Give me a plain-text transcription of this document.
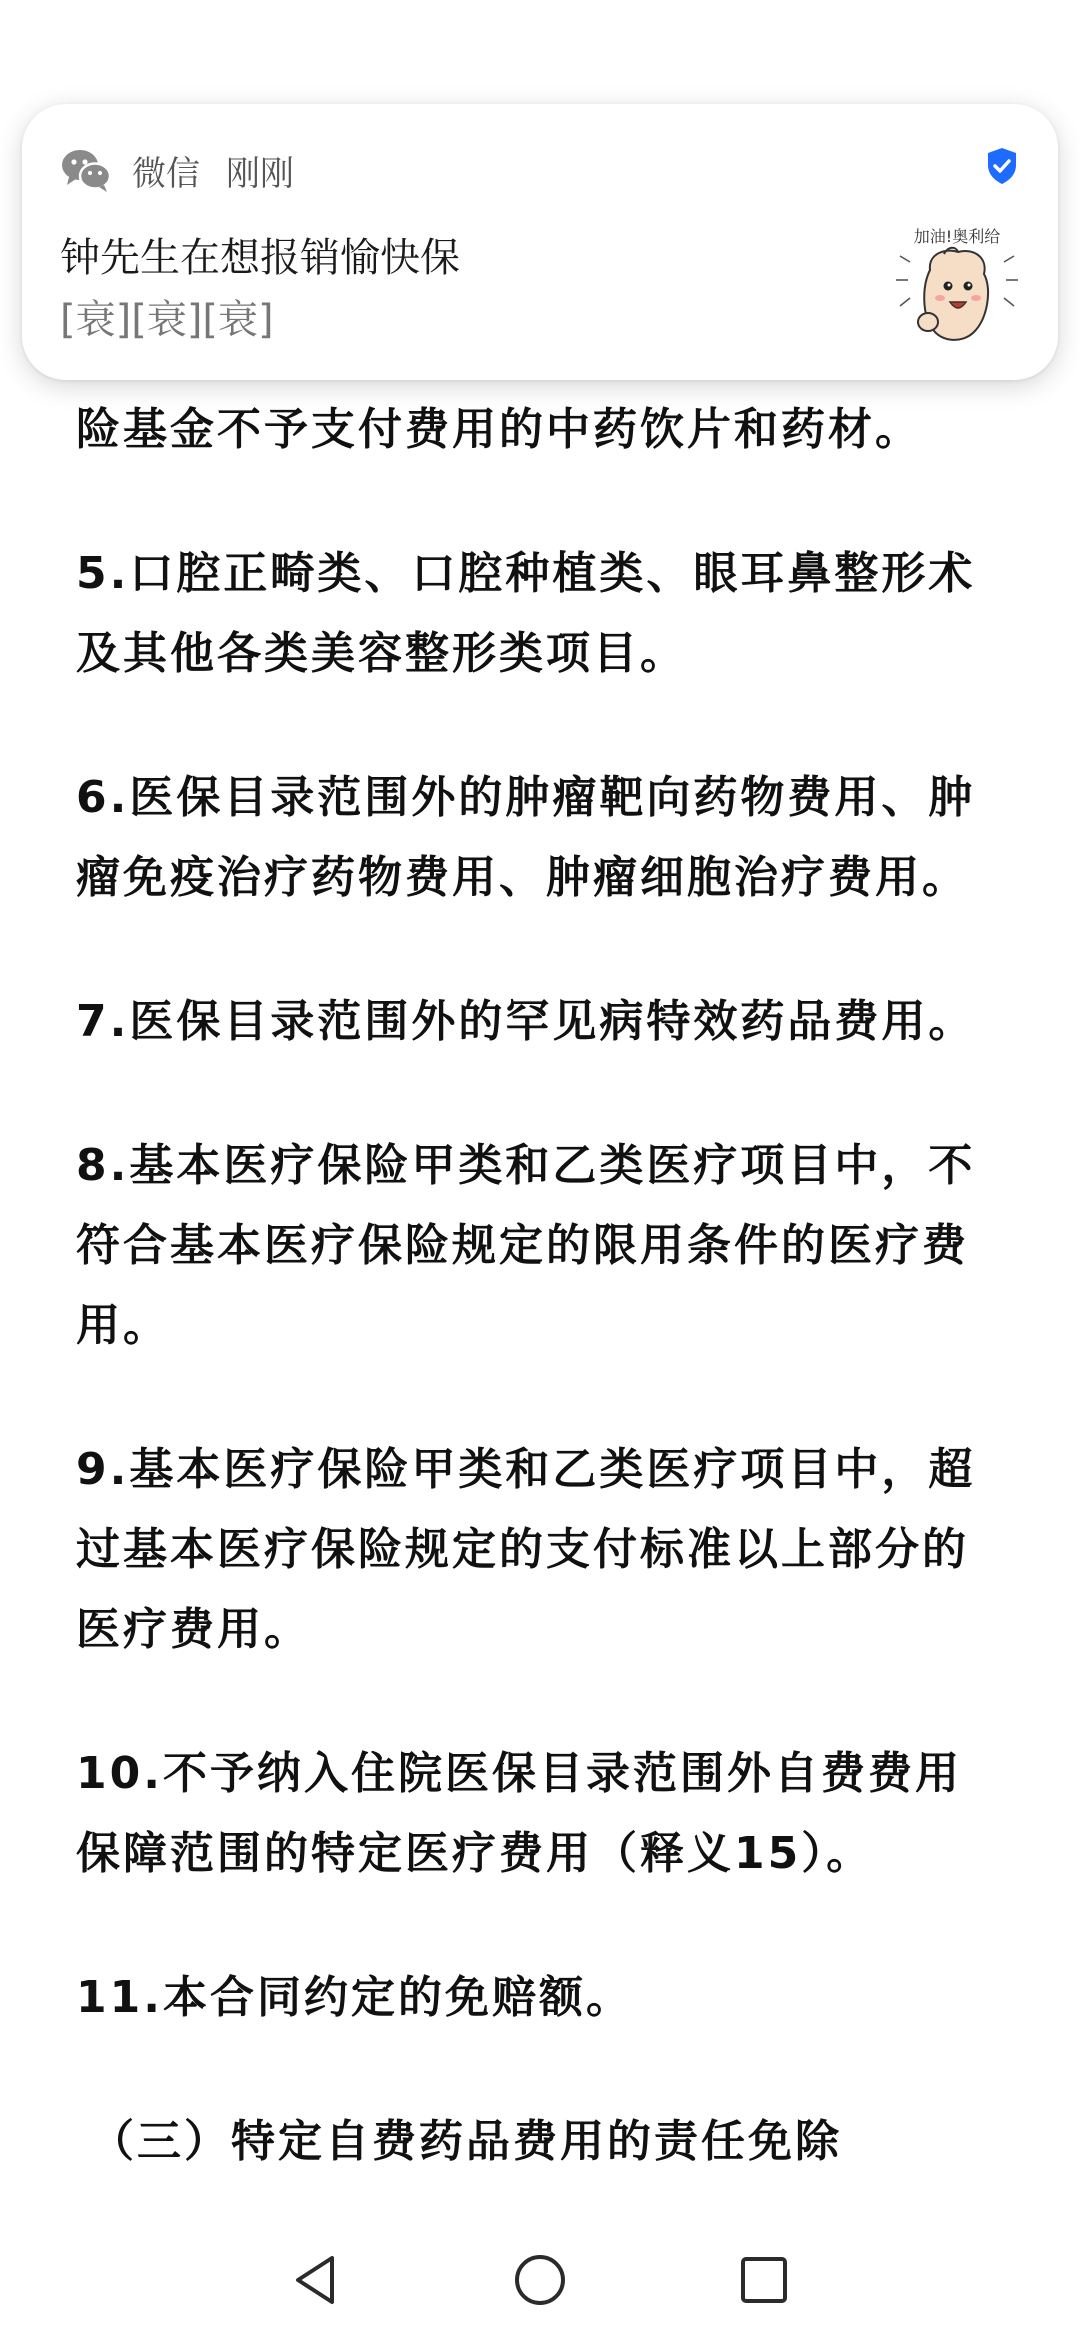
险基金不予支付费用的中药饮片和药材。

5.口腔正畸类、口腔种植类、眼耳鼻整形术
及其他各类美容整形类项目。

6.医保目录范围外的肿瘤靶向药物费用、肿
瘤免疫治疗药物费用、肿瘤细胞治疗费用。

7.医保目录范围外的罕见病特效药品费用。

8.基本医疗保险甲类和乙类医疗项目中，不
符合基本医疗保险规定的限用条件的医疗费
用。

9.基本医疗保险甲类和乙类医疗项目中，超
过基本医疗保险规定的支付标准以上部分的
医疗费用。

10.不予纳入住院医保目录范围外自费费用
保障范围的特定医疗费用（释义15）。

11.本合同约定的免赔额。

（三）特定自费药品费用的责任免除

微信 刚刚
钟先生在想报销愉快保
[衰][衰][衰]
加油!奥利给
